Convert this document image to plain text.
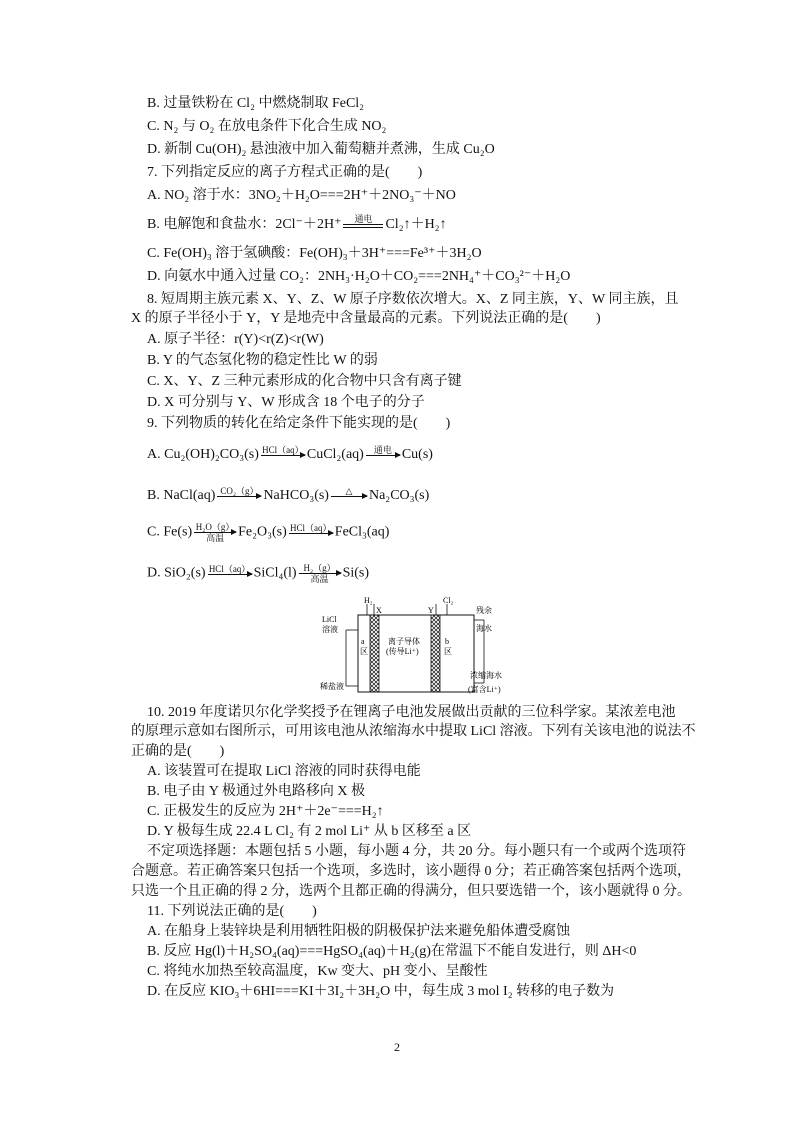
B. 过量铁粉在 Cl₂ 中燃烧制取 FeCl₂
C. N₂ 与 O₂ 在放电条件下化合生成 NO₂
D. 新制 Cu(OH)₂ 悬浊液中加入葡萄糖并煮沸，生成 Cu₂O
7. 下列指定反应的离子方程式正确的是(　　)
A. NO₂ 溶于水：3NO₂＋H₂O===2H⁺＋2NO₃⁻＋NO
B. 电解饱和食盐水：2Cl⁻＋2H⁺	通电 Cl₂↑＋H₂↑
C. Fe(OH)₃ 溶于氢碘酸：Fe(OH)₃＋3H⁺===Fe³⁺＋3H₂O
D. 向氨水中通入过量 CO₂：2NH₃·H₂O＋CO₂===2NH₄⁺＋CO₃²⁻＋H₂O
8. 短周期主族元素 X、Y、Z、W 原子序数依次增大。X、Z 同主族，Y、W 同主族，且
X 的原子半径小于 Y，Y 是地壳中含量最高的元素。下列说法正确的是(　　)
A. 原子半径：r(Y)<r(Z)<r(W)
B. Y 的气态氢化物的稳定性比 W 的弱
C. X、Y、Z 三种元素形成的化合物中只含有离子键
D. X 可分别与 Y、W 形成含 18 个电子的分子
9. 下列物质的转化在给定条件下能实现的是(　　)
A. Cu₂(OH)₂CO₃(s) HCl（aq） CuCl₂(aq)	通电 Cu(s)
B. NaCl(aq) CO₂（g） NaHCO₃(s)	△	Na₂CO₃(s)
C. Fe(s) H₂O（g）
高温	Fe₂O₃(s) HCl（aq） FeCl₃(aq)
D. SiO₂(s) HCl（aq） SiCl₄(l) H₂（g）
高温	Si(s)
H₂
X	Y
Cl₂
LiCl
溶液
a
区
离子导体
(传导Li⁺)
b
区
残余
海水
稀盐液
浓缩海水
(富含Li⁺)
10. 2019 年度诺贝尔化学奖授予在锂离子电池发展做出贡献的三位科学家。某浓差电池
的原理示意如右图所示，可用该电池从浓缩海水中提取 LiCl 溶液。下列有关该电池的说法不
正确的是(　　)
A. 该装置可在提取 LiCl 溶液的同时获得电能
B. 电子由 Y 极通过外电路移向 X 极
C. 正极发生的反应为 2H⁺＋2e⁻===H₂↑
D. Y 极每生成 22.4 L Cl₂ 有 2 mol Li⁺ 从 b 区移至 a 区
不定项选择题：本题包括 5 小题，每小题 4 分，共 20 分。每小题只有一个或两个选项符
合题意。若正确答案只包括一个选项，多选时，该小题得 0 分；若正确答案包括两个选项，
只选一个且正确的得 2 分，选两个且都正确的得满分，但只要选错一个，该小题就得 0 分。
11. 下列说法正确的是(　　)
A. 在船身上装锌块是利用牺牲阳极的阴极保护法来避免船体遭受腐蚀
B. 反应 Hg(l)＋H₂SO₄(aq)===HgSO₄(aq)＋H₂(g)在常温下不能自发进行，则 ΔH<0
C. 将纯水加热至较高温度，Kw 变大、pH 变小、呈酸性
D. 在反应 KIO₃＋6HI===KI＋3I₂＋3H₂O 中，每生成 3 mol I₂ 转移的电子数为
2
